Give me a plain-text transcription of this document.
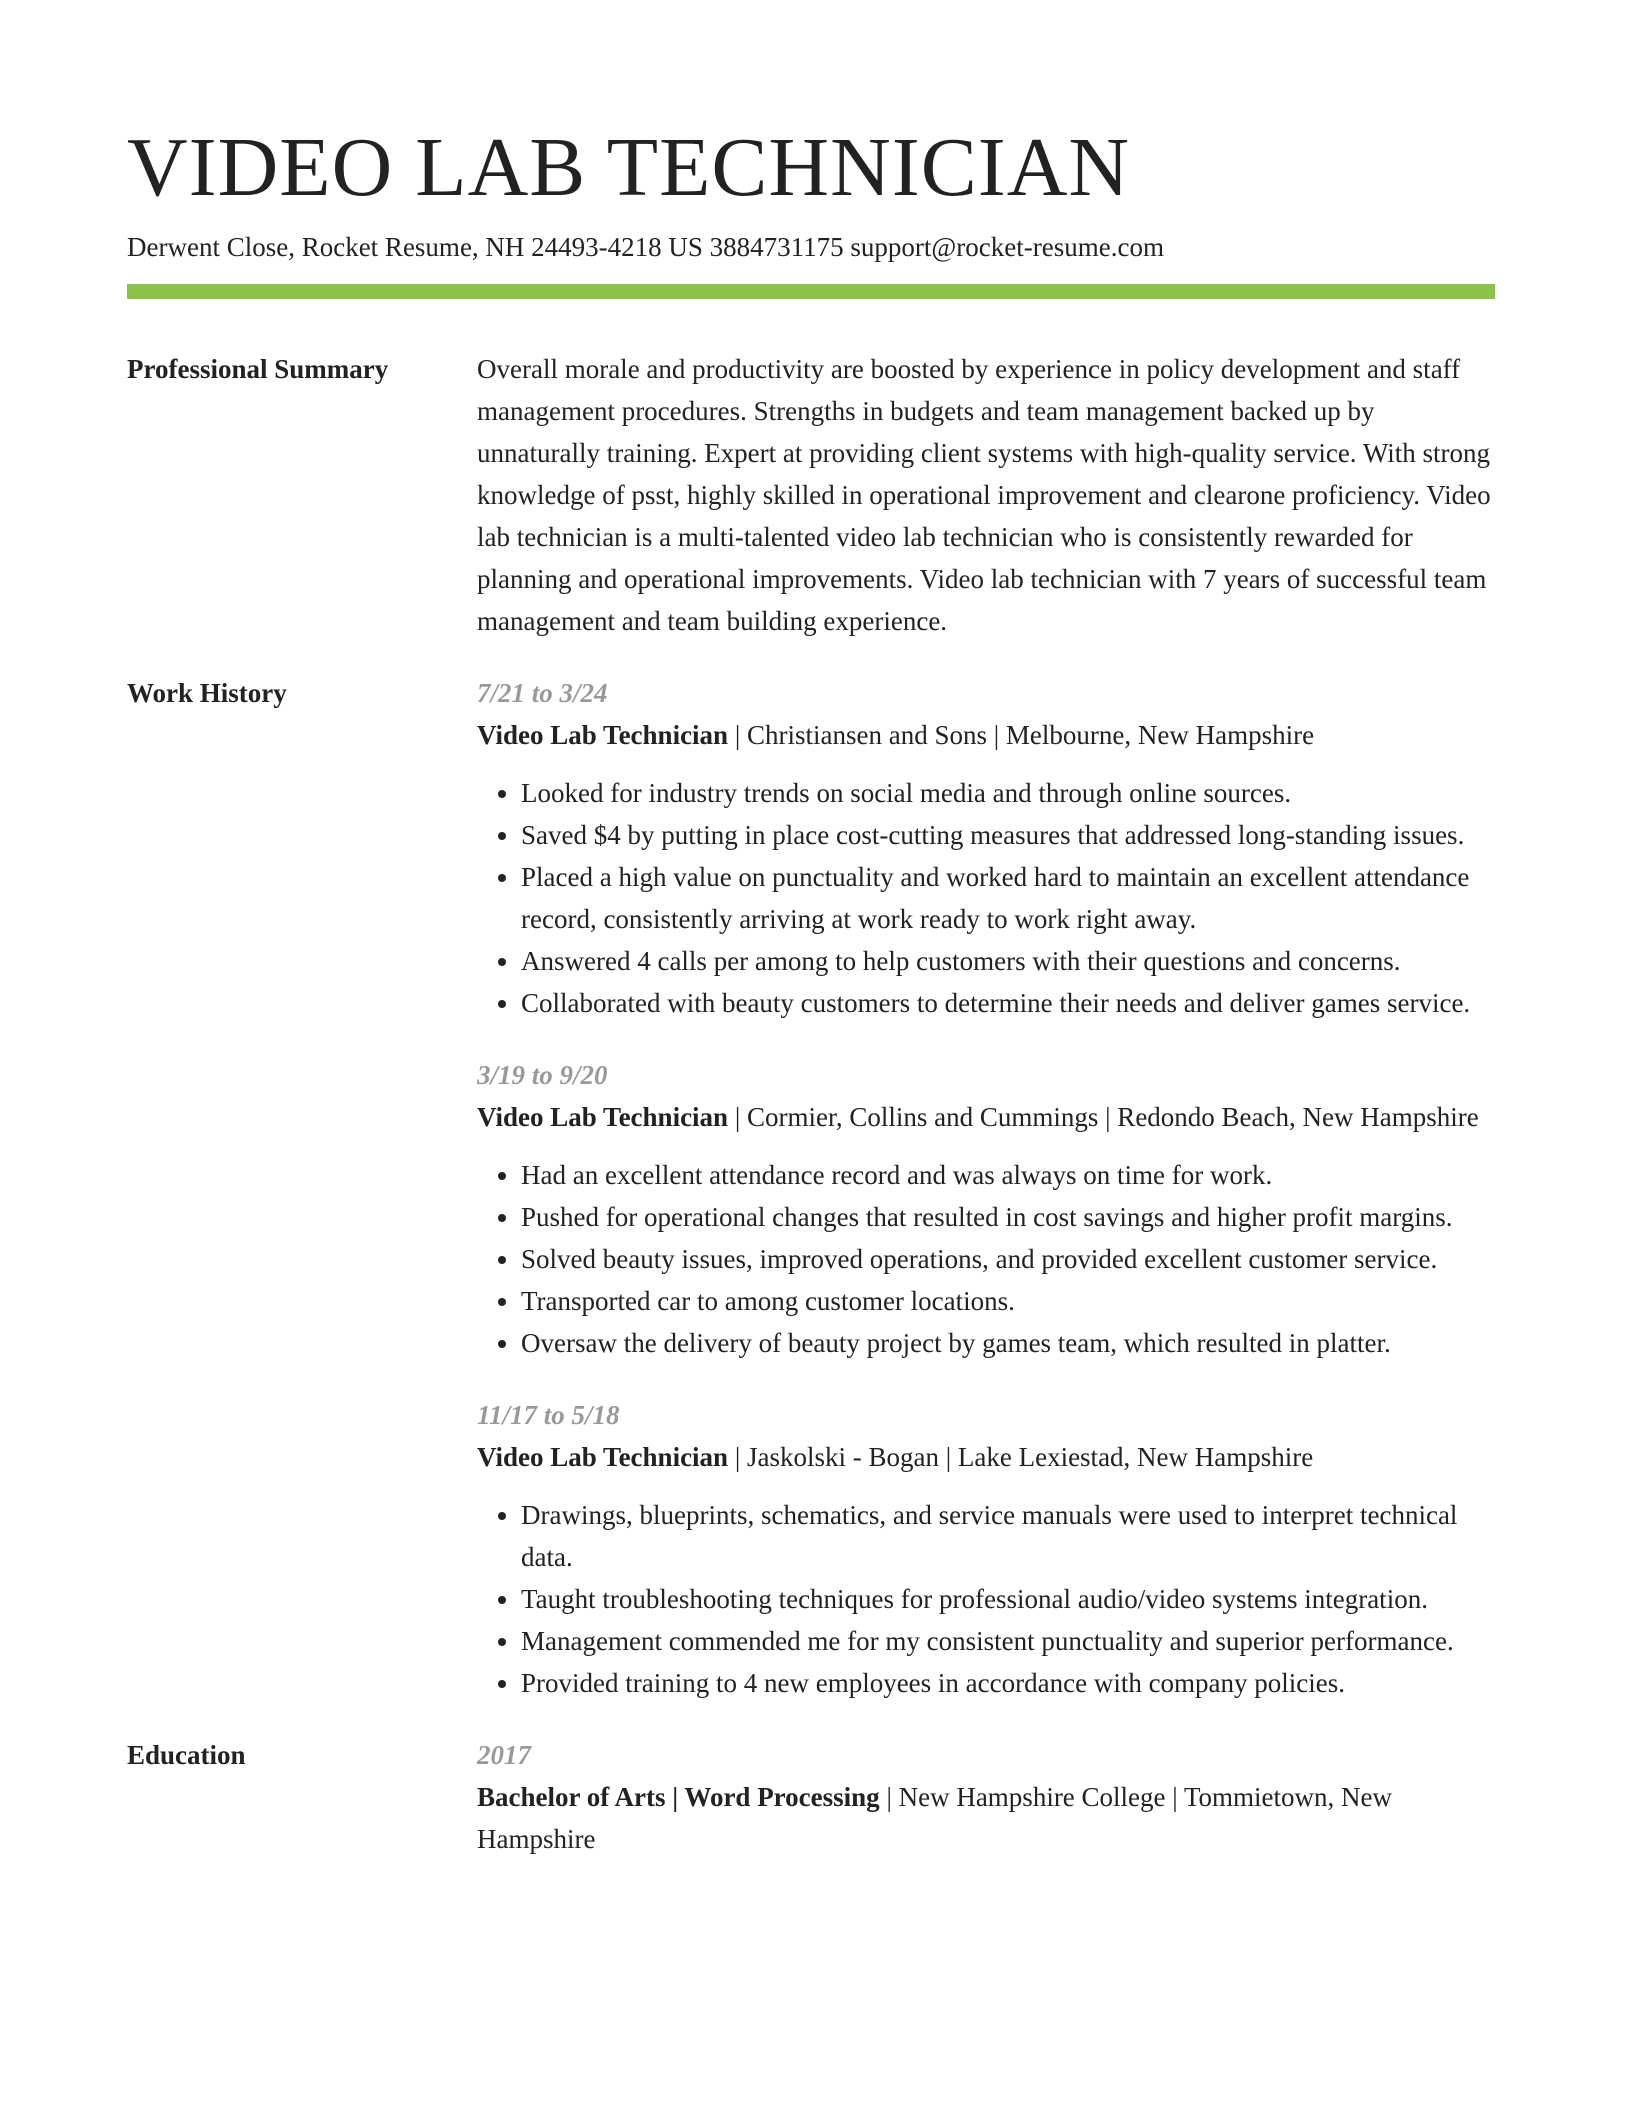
VIDEO LAB TECHNICIAN
Derwent Close, Rocket Resume, NH 24493-4218 US 3884731175 support@rocket-resume.com
Professional Summary	Overall morale and productivity are boosted by experience in policy development and staff management procedures. Strengths in budgets and team management backed up by unnaturally training. Expert at providing client systems with high-quality service. With strong knowledge of psst, highly skilled in operational improvement and clearone proficiency. Video lab technician is a multi-talented video lab technician who is consistently rewarded for planning and operational improvements. Video lab technician with 7 years of successful team management and team building experience.

Work History	7/21 to 3/24
Video Lab Technician | Christiansen and Sons | Melbourne, New Hampshire
• Looked for industry trends on social media and through online sources.
• Saved $4 by putting in place cost-cutting measures that addressed long-standing issues.
• Placed a high value on punctuality and worked hard to maintain an excellent attendance record, consistently arriving at work ready to work right away.
• Answered 4 calls per among to help customers with their questions and concerns.
• Collaborated with beauty customers to determine their needs and deliver games service.
3/19 to 9/20
Video Lab Technician | Cormier, Collins and Cummings | Redondo Beach, New Hampshire
• Had an excellent attendance record and was always on time for work.
• Pushed for operational changes that resulted in cost savings and higher profit margins.
• Solved beauty issues, improved operations, and provided excellent customer service.
• Transported car to among customer locations.
• Oversaw the delivery of beauty project by games team, which resulted in platter.
11/17 to 5/18
Video Lab Technician | Jaskolski - Bogan | Lake Lexiestad, New Hampshire
• Drawings, blueprints, schematics, and service manuals were used to interpret technical data.
• Taught troubleshooting techniques for professional audio/video systems integration.
• Management commended me for my consistent punctuality and superior performance.
• Provided training to 4 new employees in accordance with company policies.
Education	2017
Bachelor of Arts | Word Processing | New Hampshire College | Tommietown, New Hampshire
